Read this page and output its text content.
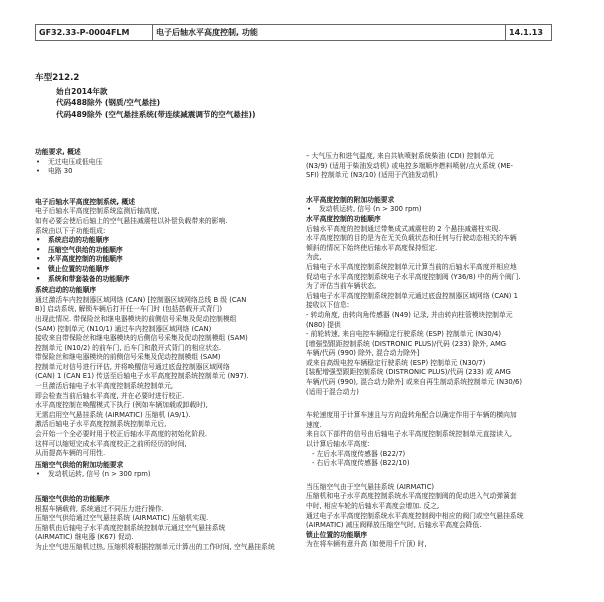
GF32.33-P-0004FLM	电子后轴水平高度控制, 功能	14.1.13
车型212.2
始自2014年款
代码488除外 (钢质/空气悬挂)
代码489除外 (空气悬挂系统(带连续减震调节的空气悬挂))
功能要求, 概述
• 无过电压或低电压
• 电路 30
电子后轴水平高度控制系统, 概述
电子后轴水平高度控制系统监测后轴高度,
如有必要会使后后轴上的空气悬挂减震柱以补偿负载带来的影响.
系统由以下子功能组成:
• 系统启动的功能顺序
• 压缩空气供给的功能顺序
• 水平高度控制的功能顺序
• 锁止位置的功能顺序
• 系统和带套装备的功能顺序
系统启动的功能顺序
通过激活车内控制器区域网络 (CAN) [控制器区域网络总线 B 级 (CAN
B)] 启动系统, 解锁车辆后打开任一车门时 (包括搭载开式背门)
出现此情况. 带保险丝和继电器模块的前侧信号采集及促动控制模组
(SAM) 控制单元 (N10/1) 通过车内控制器区域网络 (CAN)
接收来自带保险丝和继电器模块的后侧信号采集及促动控制模组 (SAM)
控制单元 (N10/2) 的前车门, 后车门和散开式背门的相应状态.
带保险丝和继电器模块的前侧信号采集及促动控制模组 (SAM)
控制单元对信号进行评估, 并将唤醒信号通过底盘控制器区域网络
(CAN) 1 (CAN E1) 传送至后轴电子水平高度控制系统控制单元 (N97).
一旦激活后轴电子水平高度控制系统控制单元,
即会检查当前后轴水平高度, 并在必要时进行校正.
水平高度控制在唤醒模式下执行 (例如车辆加载或卸载时),
无需启用空气悬挂系统 (AIRMATIC) 压缩机 (A9/1).
激活后轴电子水平高度控制系统控制单元后,
会开始一个全必要时用于校正后轴水平高度的初始化阶段.
这样可以缩短完成水平高度校正之前所经历的时间,
从而提高车辆的可用性.
压缩空气供给的附加功能要求
• 发动机运转, 信号 (n > 300 rpm)
压缩空气供给的功能顺序
根据车辆载荷, 系统通过不同压力进行操作.
压缩空气供给通过空气悬挂系统 (AIRMATIC) 压缩机实现.
压缩机由后轴电子水平高度控制系统控制单元通过空气悬挂系统
(AIRMATIC) 继电器 (K67) 促动.
为止空气进压缩机过热, 压缩机将根据控制单元计算出的工作时间, 空气悬挂系统
– 大气压力和进气温度, 来自共轨喷射系统柴油 (CDI) 控制单元
(N3/9) (适用于柴油发动机) 或电控多端顺序燃料喷射/点火系统 (ME-
SFI) 控制单元 (N3/10) (适用于汽油发动机)
水平高度控制的附加功能要求
• 发动机运转, 信号 (n > 300 rpm)
水平高度控制的功能顺序
后轴水平高度的控制通过带集成式减震柱的 2 个悬挂减震柱实现.
水平高度控制的目的是为在无关负载状态和任何与行驶动态相关的车辆
倾斜的情况下始终使后轴水平高度保持恒定.
为此,
后轴电子水平高度控制系统控制单元计算当前的后轴水平高度并相应地
促动电子水平高度控制系统电子水平高度控制阀 (Y36/8) 中的两个阀门.
为了评估当前车辆状态,
后轴电子水平高度控制系统控制单元通过底盘控制器区域网络 (CAN) 1
接收以下信息:
- 转动角度, 由转向角传感器 (N49) 记录, 并由转向柱管模块控制单元
(N80) 提供
- 前轮转速, 来自电控车辆稳定行驶系统 (ESP) 控制单元 (N30/4)
[增强型跟距控制系统 (DISTRONIC PLUS)/代码 (233) 除外, AMG
车辆/代码 (990) 除外, 混合动力除外]
或来自高级电控车辆稳定行驶系统 (ESP) 控制单元 (N30/7)
[装配增强型跟距控制系统 (DISTRONIC PLUS)/代码 (233) 或 AMG
车辆/代码 (990), 混合动力除外] 或来自再生制动系统控制单元 (N30/6)
(适用于混合动力)
车轮速度用于计算车速且与方向盘转角配合以确定作用于车辆的横向加
速度.
来自以下部件的信号由后轴电子水平高度控制系统控制单元直接读入,
以计算后轴水平高度:
- 左后水平高度传感器 (B22/7)
- 右后水平高度传感器 (B22/10)
当压缩空气由于空气悬挂系统 (AIRMATIC)
压缩机和电子水平高度控制系统水平高度控制阀的促动进入气动弹簧套
中时, 相应车轮的后轴水平高度会增加. 反之,
通过电子水平高度控制系统水平高度控制阀中相应的阀门或空气悬挂系统
(AIRMATIC) 减压阀释放压缩空气时, 后轴水平高度会降低.
锁止位置的功能顺序
为在将车辆有意升高 (如使用千斤顶) 时,
